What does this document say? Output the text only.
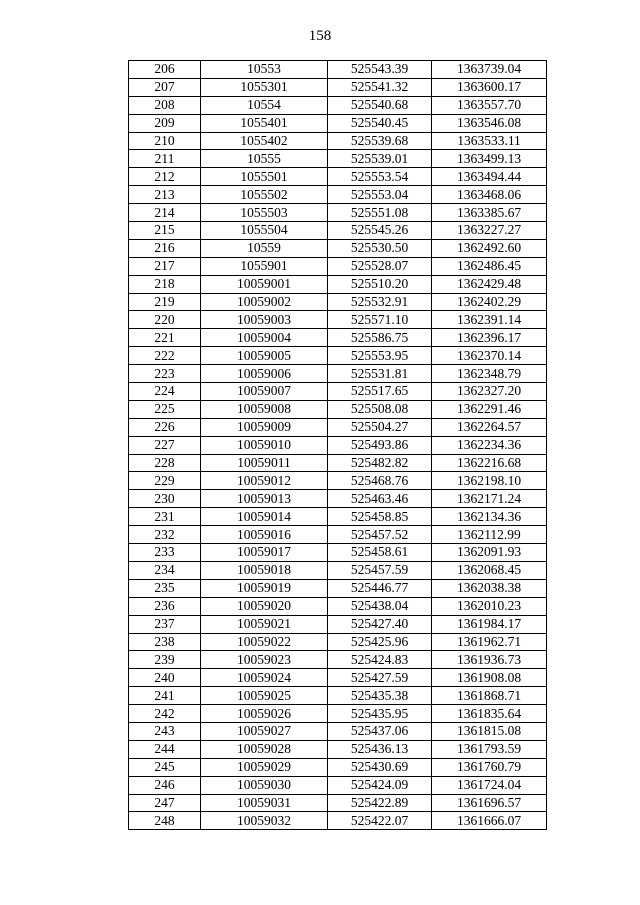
158
206	10553	525543.39	1363739.04
207	1055301	525541.32	1363600.17
208	10554	525540.68	1363557.70
209	1055401	525540.45	1363546.08
210	1055402	525539.68	1363533.11
211	10555	525539.01	1363499.13
212	1055501	525553.54	1363494.44
213	1055502	525553.04	1363468.06
214	1055503	525551.08	1363385.67
215	1055504	525545.26	1363227.27
216	10559	525530.50	1362492.60
217	1055901	525528.07	1362486.45
218	10059001	525510.20	1362429.48
219	10059002	525532.91	1362402.29
220	10059003	525571.10	1362391.14
221	10059004	525586.75	1362396.17
222	10059005	525553.95	1362370.14
223	10059006	525531.81	1362348.79
224	10059007	525517.65	1362327.20
225	10059008	525508.08	1362291.46
226	10059009	525504.27	1362264.57
227	10059010	525493.86	1362234.36
228	10059011	525482.82	1362216.68
229	10059012	525468.76	1362198.10
230	10059013	525463.46	1362171.24
231	10059014	525458.85	1362134.36
232	10059016	525457.52	1362112.99
233	10059017	525458.61	1362091.93
234	10059018	525457.59	1362068.45
235	10059019	525446.77	1362038.38
236	10059020	525438.04	1362010.23
237	10059021	525427.40	1361984.17
238	10059022	525425.96	1361962.71
239	10059023	525424.83	1361936.73
240	10059024	525427.59	1361908.08
241	10059025	525435.38	1361868.71
242	10059026	525435.95	1361835.64
243	10059027	525437.06	1361815.08
244	10059028	525436.13	1361793.59
245	10059029	525430.69	1361760.79
246	10059030	525424.09	1361724.04
247	10059031	525422.89	1361696.57
248	10059032	525422.07	1361666.07
